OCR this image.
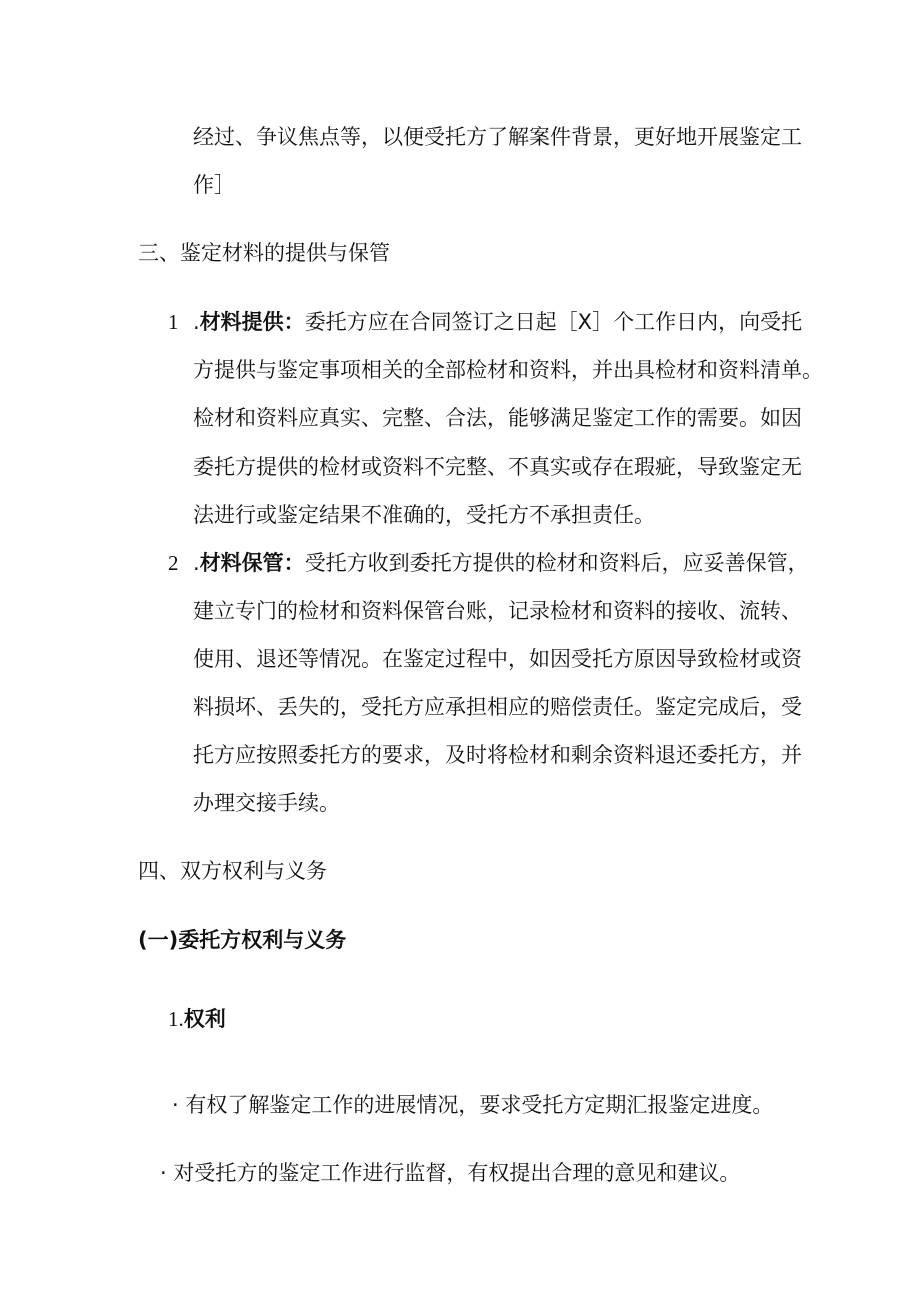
经过、争议焦点等，以便受托方了解案件背景，更好地开展鉴定工
作］
三、鉴定材料的提供与保管
1 .材料提供：委托方应在合同签订之日起［X］个工作日内，向受托
方提供与鉴定事项相关的全部检材和资料，并出具检材和资料清单。
检材和资料应真实、完整、合法，能够满足鉴定工作的需要。如因
委托方提供的检材或资料不完整、不真实或存在瑕疵，导致鉴定无
法进行或鉴定结果不准确的，受托方不承担责任。
2 .材料保管：受托方收到委托方提供的检材和资料后，应妥善保管，
建立专门的检材和资料保管台账，记录检材和资料的接收、流转、
使用、退还等情况。在鉴定过程中，如因受托方原因导致检材或资
料损坏、丢失的，受托方应承担相应的赔偿责任。鉴定完成后，受
托方应按照委托方的要求，及时将检材和剩余资料退还委托方，并
办理交接手续。
四、双方权利与义务
(一)委托方权利与义务
1.权利
· 有权了解鉴定工作的进展情况，要求受托方定期汇报鉴定进度。
· 对受托方的鉴定工作进行监督，有权提出合理的意见和建议。
